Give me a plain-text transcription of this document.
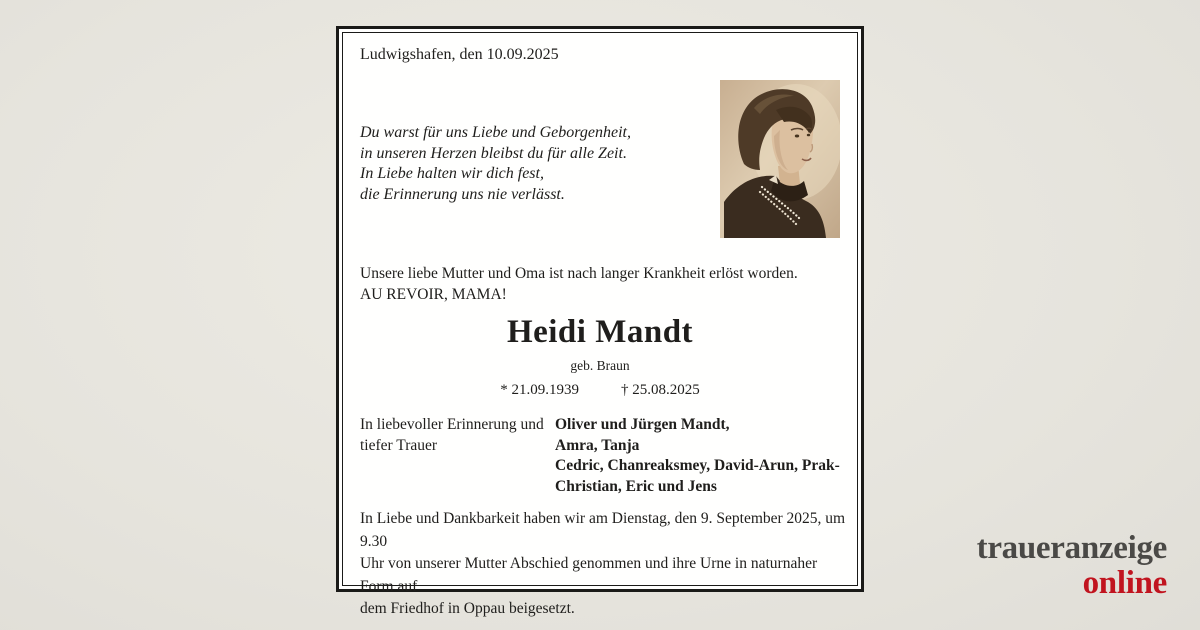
Ludwigshafen, den 10.09.2025
Du warst für uns Liebe und Geborgenheit,
in unseren Herzen bleibst du für alle Zeit.
In Liebe halten wir dich fest,
die Erinnerung uns nie verlässt.
Unsere liebe Mutter und Oma ist nach langer Krankheit erlöst worden.
AU REVOIR, MAMA!
Heidi Mandt
geb. Braun
* 21.09.1939	† 25.08.2025
In liebevoller Erinnerung und
tiefer Trauer
Oliver und Jürgen Mandt,
Amra, Tanja
Cedric, Chanreaksmey, David-Arun, Prak-
Christian, Eric und Jens
In Liebe und Dankbarkeit haben wir am Dienstag, den 9. September 2025, um 9.30
Uhr von unserer Mutter Abschied genommen und ihre Urne in naturnaher Form auf
dem Friedhof in Oppau beigesetzt.
traueranzeige
online
